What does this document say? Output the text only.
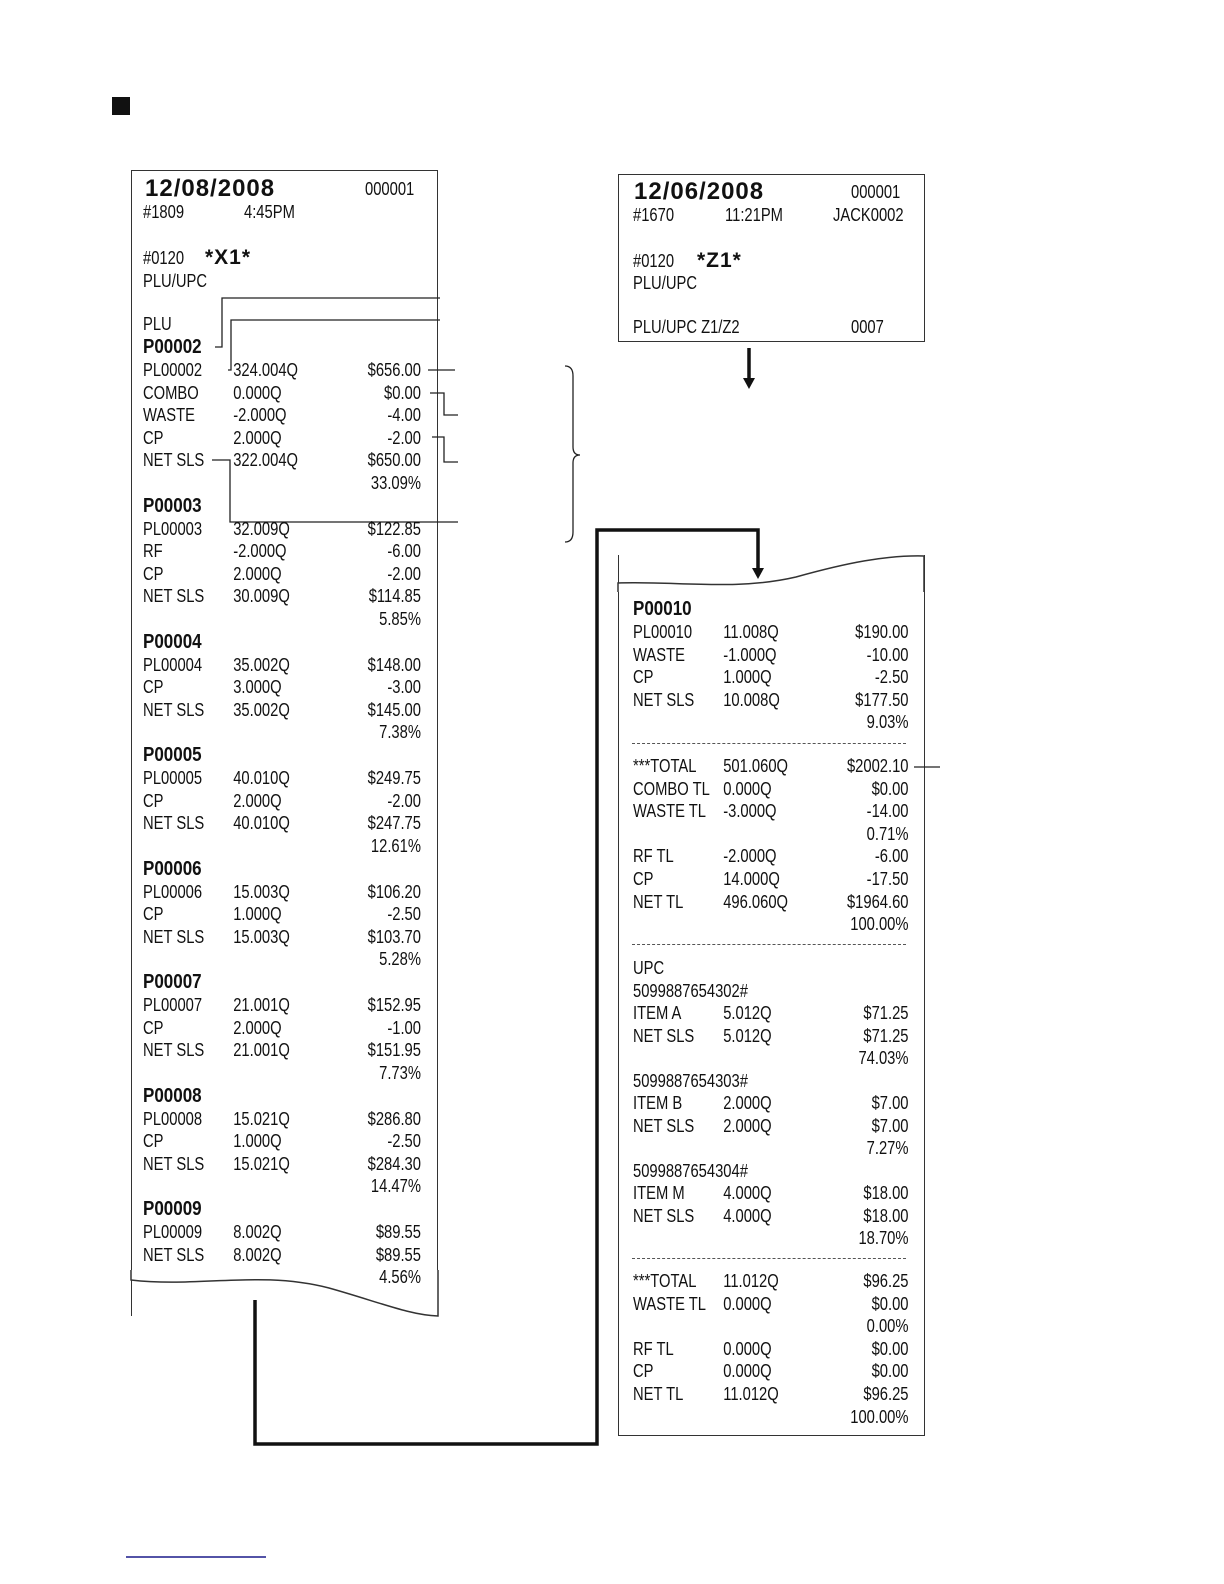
12/08/2008	000001
#1809	4:45PM
#0120 *X1*
PLU/UPC
PLU
P00002
PL00002 324.004Q	$656.00
COMBO 0.000Q	$0.00
WASTE -2.000Q	-4.00
CP	2.000Q	-2.00
NET SLS 322.004Q	$650.00
33.09%
P00003
PL00003 32.009Q	$122.85
RF	-2.000Q	-6.00
CP	2.000Q	-2.00
NET SLS 30.009Q	$114.85
5.85%
P00004
PL00004 35.002Q	$148.00
CP	3.000Q	-3.00
NET SLS 35.002Q	$145.00
7.38%
P00005
PL00005 40.010Q	$249.75
CP	2.000Q	-2.00
NET SLS 40.010Q	$247.75
12.61%
P00006
PL00006 15.003Q	$106.20
CP	1.000Q	-2.50
NET SLS 15.003Q	$103.70
5.28%
P00007
PL00007 21.001Q	$152.95
CP	2.000Q	-1.00
NET SLS 21.001Q	$151.95
7.73%
P00008
PL00008 15.021Q	$286.80
CP	1.000Q	-2.50
NET SLS 15.021Q	$284.30
14.47%
P00009
PL00009 8.002Q	$89.55
NET SLS 8.002Q	$89.55
4.56%
12/06/2008	000001
#1670	11:21PM	JACK0002
#0120 *Z1*
PLU/UPC
PLU/UPC Z1/Z2	0007
P00010
PL00010 11.008Q	$190.00
WASTE -1.000Q	-10.00
CP	1.000Q	-2.50
NET SLS 10.008Q	$177.50
9.03%
***TOTAL 501.060Q	$2002.10
COMBO TL 0.000Q	$0.00
WASTE TL -3.000Q	-14.00
0.71%
RF TL	-2.000Q	-6.00
CP	14.000Q	-17.50
NET TL 496.060Q	$1964.60
100.00%
UPC
5099887654302#
ITEM A 5.012Q	$71.25
NET SLS 5.012Q	$71.25
74.03%
5099887654303#
ITEM B 2.000Q	$7.00
NET SLS 2.000Q	$7.00
7.27%
5099887654304#
ITEM M 4.000Q	$18.00
NET SLS 4.000Q	$18.00
18.70%
***TOTAL 11.012Q	$96.25
WASTE TL 0.000Q	$0.00
0.00%
RF TL	0.000Q	$0.00
CP	0.000Q	$0.00
NET TL 11.012Q	$96.25
100.00%
